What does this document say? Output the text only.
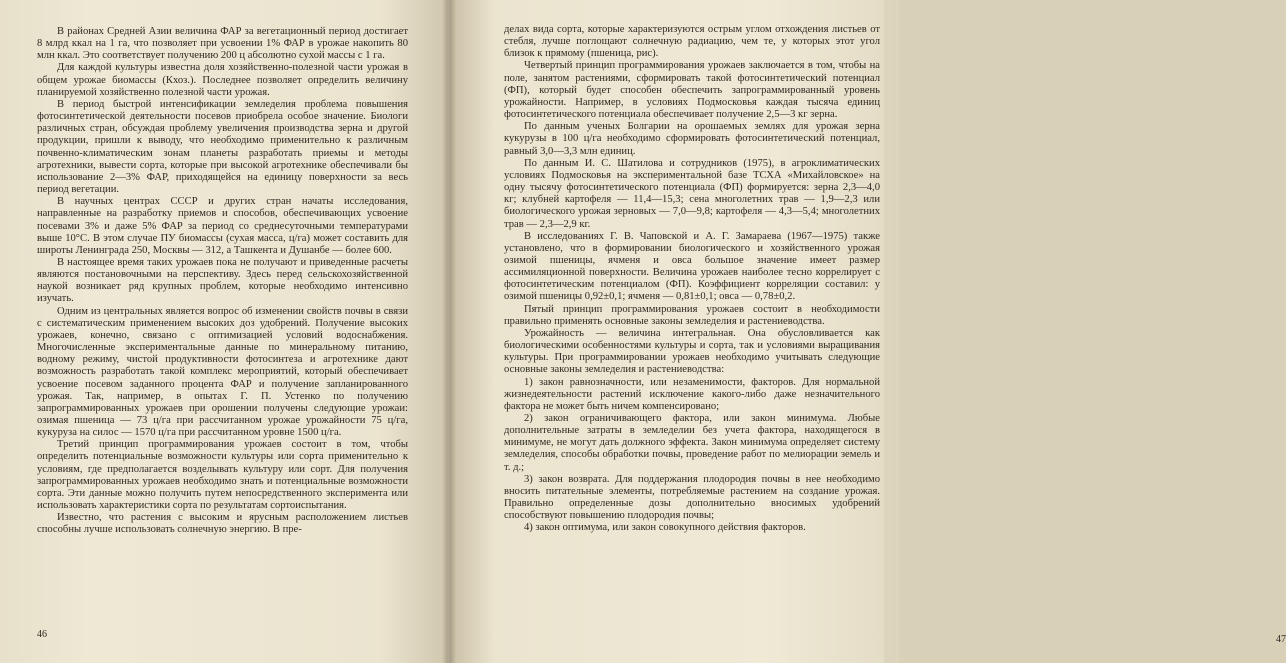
В районах Средней Азии величина ФАР за вегетационный период достигает 8 млрд ккал на 1 га, что позволяет при усвоении 1% ФАР в урожае накопить 80 млн ккал. Это соответствует получению 200 ц абсолютно сухой массы с 1 га.

Для каждой культуры известна доля хозяйственно-полезной части урожая в общем урожае биомассы (Кхоз.). Последнее позволяет определить величину планируемой хозяйственно полезной части урожая.

В период быстрой интенсификации земледелия проблема повышения фотосинтетической деятельности посевов приобрела особое значение. Биологи различных стран, обсуждая проблему увеличения производства зерна и другой продукции, пришли к выводу, что необходимо применительно к различным почвенно-климатическим зонам планеты разработать приемы и методы агротехники, вывести сорта, которые при высокой агротехнике обеспечивали бы использование 2—3% ФАР, приходящейся на единицу поверхности за весь период вегетации.

В научных центрах СССР и других стран начаты исследования, направленные на разработку приемов и способов, обеспечивающих усвоение посевами 3% и даже 5% ФАР за период со среднесуточными температурами выше 10°С. В этом случае ПУ биомассы (сухая масса, ц/га) может составить для широты Ленинграда 250, Москвы — 312, а Ташкента и Душанбе — более 600.

В настоящее время таких урожаев пока не получают и приведенные расчеты являются постановочными на перспективу. Здесь перед сельскохозяйственной наукой возникает ряд крупных проблем, которые необходимо интенсивно изучать.

Одним из центральных является вопрос об изменении свойств почвы в связи с систематическим применением высоких доз удобрений. Получение высоких урожаев, конечно, связано с оптимизацией условий водоснабжения. Многочисленные экспериментальные данные по минеральному питанию, водному режиму, чистой продуктивности фотосинтеза и агротехнике дают возможность разработать такой комплекс мероприятий, который обеспечивает усвоение посевом заданного процента ФАР и получение запланированного урожая. Так, например, в опытах Г. П. Устенко по получению запрограммированных урожаев при орошении получены следующие урожаи: озимая пшеница — 73 ц/га при рассчитанном урожае урожайности 75 ц/га, кукуруза на силос — 1570 ц/га при рассчитанном уровне 1500 ц/га.

Третий принцип программирования урожаев состоит в том, чтобы определить потенциальные возможности культуры или сорта применительно к условиям, где предполагается возделывать культуру или сорт. Для получения запрограммированных урожаев необходимо знать и потенциальные возможности сорта. Эти данные можно получить путем непосредственного эксперимента или использовать характеристики сорта по результатам сортоиспытания.

Известно, что растения с высоким и ярусным расположением листьев способны лучше использовать солнечную энергию. В пре-

46

делах вида сорта, которые характеризуются острым углом отхождения листьев от стебля, лучше поглощают солнечную радиацию, чем те, у которых этот угол близок к прямому (пшеница, рис).

Четвертый принцип программирования урожаев заключается в том, чтобы на поле, занятом растениями, сформировать такой фотосинтетический потенциал (ФП), который будет способен обеспечить запрограммированный уровень урожайности. Например, в условиях Подмосковья каждая тысяча единиц фотосинтетического потенциала обеспечивает получение 2,5—3 кг зерна.

По данным ученых Болгарии на орошаемых землях для урожая зерна кукурузы в 100 ц/га необходимо сформировать фотосинтетический потенциал, равный 3,0—3,3 млн единиц.

По данным И. С. Шатилова и сотрудников (1975), в агроклиматических условиях Подмосковья на экспериментальной базе ТСХА «Михайловское» на одну тысячу фотосинтетического потенциала (ФП) формируется: зерна 2,3—4,0 кг; клубней картофеля — 11,4—15,3; сена многолетних трав — 1,9—2,3 или биологического урожая зерновых — 7,0—9,8; картофеля — 4,3—5,4; многолетних трав — 2,3—2,9 кг.

В исследованиях Г. В. Чаповской и А. Г. Замараева (1967—1975) также установлено, что в формировании биологического и хозяйственного урожая озимой пшеницы, ячменя и овса большое значение имеет размер ассимиляционной поверхности. Величина урожаев наиболее тесно коррелирует с фотосинтетическим потенциалом (ФП). Коэффициент корреляции составил: у озимой пшеницы 0,92±0,1; ячменя — 0,81±0,1; овса — 0,78±0,2.

Пятый принцип программирования урожаев состоит в необходимости правильно применять основные законы земледелия и растениеводства.

Урожайность — величина интегральная. Она обусловливается как биологическими особенностями культуры и сорта, так и условиями выращивания культуры. При программировании урожаев необходимо учитывать следующие основные законы земледелия и растениеводства:

1) закон равнозначности, или незаменимости, факторов. Для нормальной жизнедеятельности растений исключение какого-либо даже незначительного фактора не может быть ничем компенсировано;

2) закон ограничивающего фактора, или закон минимума. Любые дополнительные затраты в земледелии без учета фактора, находящегося в минимуме, не могут дать должного эффекта. Закон минимума определяет систему земледелия, способы обработки почвы, проведение работ по мелиорации земель и т. д.;

3) закон возврата. Для поддержания плодородия почвы в нее необходимо вносить питательные элементы, потребляемые растением на создание урожая. Правильно определенные дозы дополнительно вносимых удобрений способствуют повышению плодородия почвы;

4) закон оптимума, или закон совокупного действия факторов.

47
